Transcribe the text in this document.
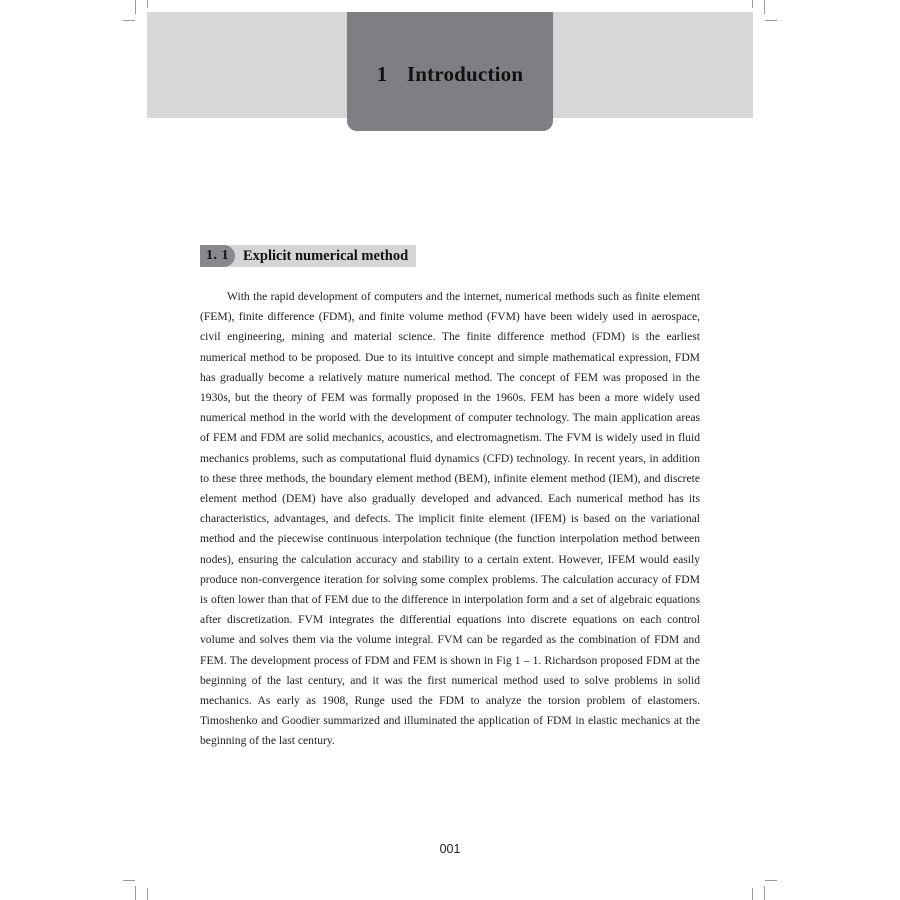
1 Introduction
1. 1 Explicit numerical method

With the rapid development of computers and the internet, numerical methods such as finite element (FEM), finite difference (FDM), and finite volume method (FVM) have been widely used in aerospace, civil engineering, mining and material science. The finite difference method (FDM) is the earliest numerical method to be proposed. Due to its intuitive concept and simple mathematical expression, FDM has gradually become a relatively mature numerical method. The concept of FEM was proposed in the 1930s, but the theory of FEM was formally proposed in the 1960s. FEM has been a more widely used numerical method in the world with the development of computer technology. The main application areas of FEM and FDM are solid mechanics, acoustics, and electromagnetism. The FVM is widely used in fluid mechanics problems, such as computational fluid dynamics (CFD) technology. In recent years, in addition to these three methods, the boundary element method (BEM), infinite element method (IEM), and discrete element method (DEM) have also gradually developed and advanced. Each numerical method has its characteristics, advantages, and defects. The implicit finite element (IFEM) is based on the variational method and the piecewise continuous interpolation technique (the function interpolation method between nodes), ensuring the calculation accuracy and stability to a certain extent. However, IFEM would easily produce non-convergence iteration for solving some complex problems. The calculation accuracy of FDM is often lower than that of FEM due to the difference in interpolation form and a set of algebraic equations after discretization. FVM integrates the differential equations into discrete equations on each control volume and solves them via the volume integral. FVM can be regarded as the combination of FDM and FEM. The development process of FDM and FEM is shown in Fig 1 – 1. Richardson proposed FDM at the beginning of the last century, and it was the first numerical method used to solve problems in solid mechanics. As early as 1908, Runge used the FDM to analyze the torsion problem of elastomers. Timoshenko and Goodier summarized and illuminated the application of FDM in elastic mechanics at the beginning of the last century.

001
